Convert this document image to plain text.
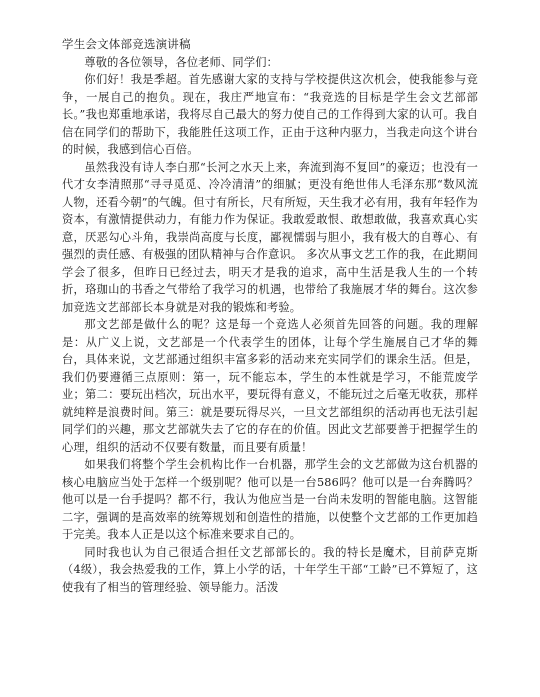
学生会文体部竞选演讲稿

尊敬的各位领导，各位老师、同学们：

你们好！我是季超。首先感谢大家的支持与学校提供这次机会，使我能参与竞争，一展自己的抱负。现在，我庄严地宣布：“我竞选的目标是学生会文艺部部长。”我也郑重地承诺，我将尽自己最大的努力使自己的工作得到大家的认可。我自信在同学们的帮助下，我能胜任这项工作，正由于这种内驱力，当我走向这个讲台的时候，我感到信心百倍。

虽然我没有诗人李白那“长河之水天上来，奔流到海不复回”的豪迈；也没有一代才女李清照那“寻寻觅觅、冷冷清清”的细腻；更没有绝世伟人毛泽东那“数风流人物，还看今朝”的气魄。但寸有所长，尺有所短，天生我才必有用，我有年轻作为资本，有激情提供动力，有能力作为保证。我敢爱敢恨、敢想敢做，我喜欢真心实意，厌恶勾心斗角，我崇尚高度与长度，鄙视懦弱与胆小，我有极大的自尊心、有强烈的责任感、有极强的团队精神与合作意识。 多次从事文艺工作的我，在此期间学会了很多，但昨日已经过去，明天才是我的追求，高中生活是我人生的一个转折，珞珈山的书香之气带给了我学习的机遇，也带给了我施展才华的舞台。这次参加竞选文艺部部长本身就是对我的锻炼和考验。

那文艺部是做什么的呢？这是每一个竞选人必须首先回答的问题。我的理解是：从广义上说，文艺部是一个代表学生的团体，让每个学生施展自己才华的舞台，具体来说，文艺部通过组织丰富多彩的活动来充实同学们的课余生活。但是，我们仍要遵循三点原则：第一，玩不能忘本，学生的本性就是学习，不能荒废学业；第二：要玩出档次，玩出水平，要玩得有意义，不能玩过之后毫无收获，那样就纯粹是浪费时间。第三：就是要玩得尽兴，一旦文艺部组织的活动再也无法引起同学们的兴趣，那文艺部就失去了它的存在的价值。因此文艺部要善于把握学生的心理，组织的活动不仅要有数量，而且要有质量！

如果我们将整个学生会机构比作一台机器，那学生会的文艺部做为这台机器的核心电脑应当处于怎样一个级别呢？他可以是一台586吗？他可以是一台奔腾吗？他可以是一台手提吗？都不行，我认为他应当是一台尚未发明的智能电脑。这智能二字，强调的是高效率的统筹规划和创造性的措施，以使整个文艺部的工作更加趋于完美。我本人正是以这个标准来要求自己的。

同时我也认为自己很适合担任文艺部部长的。我的特长是魔术，目前萨克斯（4级），我会热爱我的工作，算上小学的话，十年学生干部“工龄”已不算短了，这使我有了相当的管理经验、领导能力。活泼
